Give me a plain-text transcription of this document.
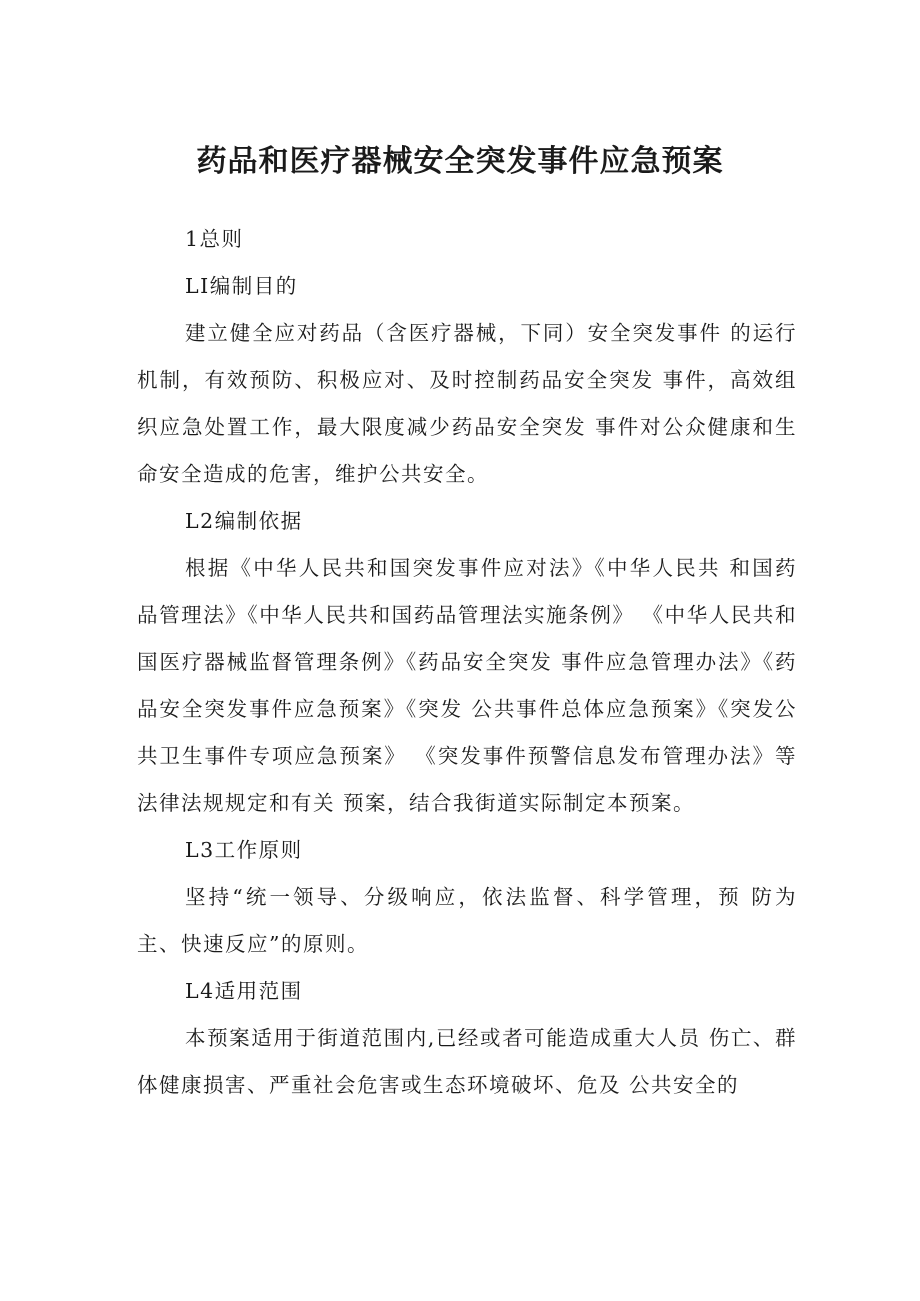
药品和医疗器械安全突发事件应急预案

1总则

LI编制目的

建立健全应对药品（含医疗器械，下同）安全突发事件 的运行机制，有效预防、积极应对、及时控制药品安全突发 事件，高效组织应急处置工作，最大限度减少药品安全突发 事件对公众健康和生命安全造成的危害，维护公共安全。

L2编制依据

根据《中华人民共和国突发事件应对法》《中华人民共 和国药品管理法》《中华人民共和国药品管理法实施条例》 《中华人民共和国医疗器械监督管理条例》《药品安全突发 事件应急管理办法》《药品安全突发事件应急预案》《突发 公共事件总体应急预案》《突发公共卫生事件专项应急预案》 《突发事件预警信息发布管理办法》等法律法规规定和有关 预案，结合我街道实际制定本预案。

L3工作原则

坚持“统一领导、分级响应，依法监督、科学管理，预 防为主、快速反应”的原则。

L4适用范围

本预案适用于街道范围内,已经或者可能造成重大人员 伤亡、群体健康损害、严重社会危害或生态环境破坏、危及 公共安全的
